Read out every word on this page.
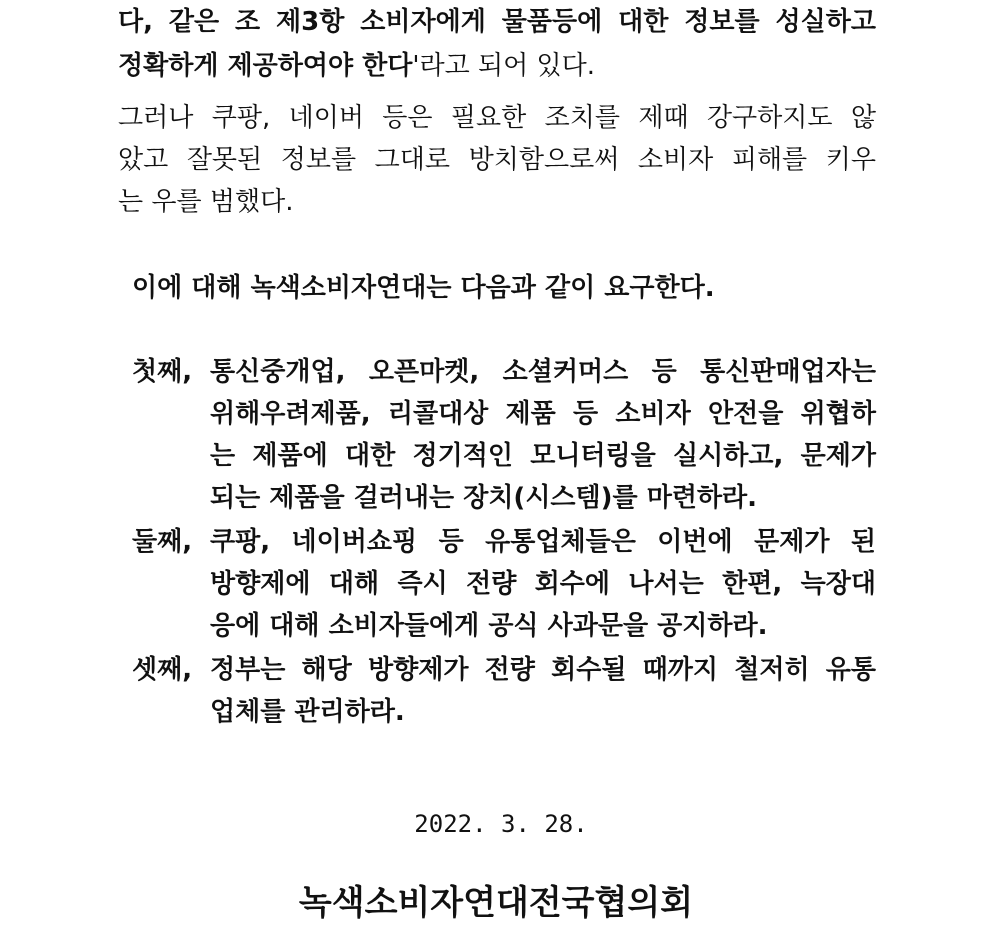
다, 같은 조 제3항 소비자에게 물품등에 대한 정보를 성실하고
정확하게 제공하여야 한다'라고 되어 있다.
그러나 쿠팡, 네이버 등은 필요한 조치를 제때 강구하지도 않
았고 잘못된 정보를 그대로 방치함으로써 소비자 피해를 키우
는 우를 범했다.
이에 대해 녹색소비자연대는 다음과 같이 요구한다.
첫째, 통신중개업, 오픈마켓, 소셜커머스 등 통신판매업자는
위해우려제품, 리콜대상 제품 등 소비자 안전을 위협하
는 제품에 대한 정기적인 모니터링을 실시하고, 문제가
되는 제품을 걸러내는 장치(시스템)를 마련하라.
둘째, 쿠팡, 네이버쇼핑 등 유통업체들은 이번에 문제가 된
방향제에 대해 즉시 전량 회수에 나서는 한편, 늑장대
응에 대해 소비자들에게 공식 사과문을 공지하라.
셋째, 정부는 해당 방향제가 전량 회수될 때까지 철저히 유통
업체를 관리하라.
2022. 3. 28.
녹색소비자연대전국협의회
